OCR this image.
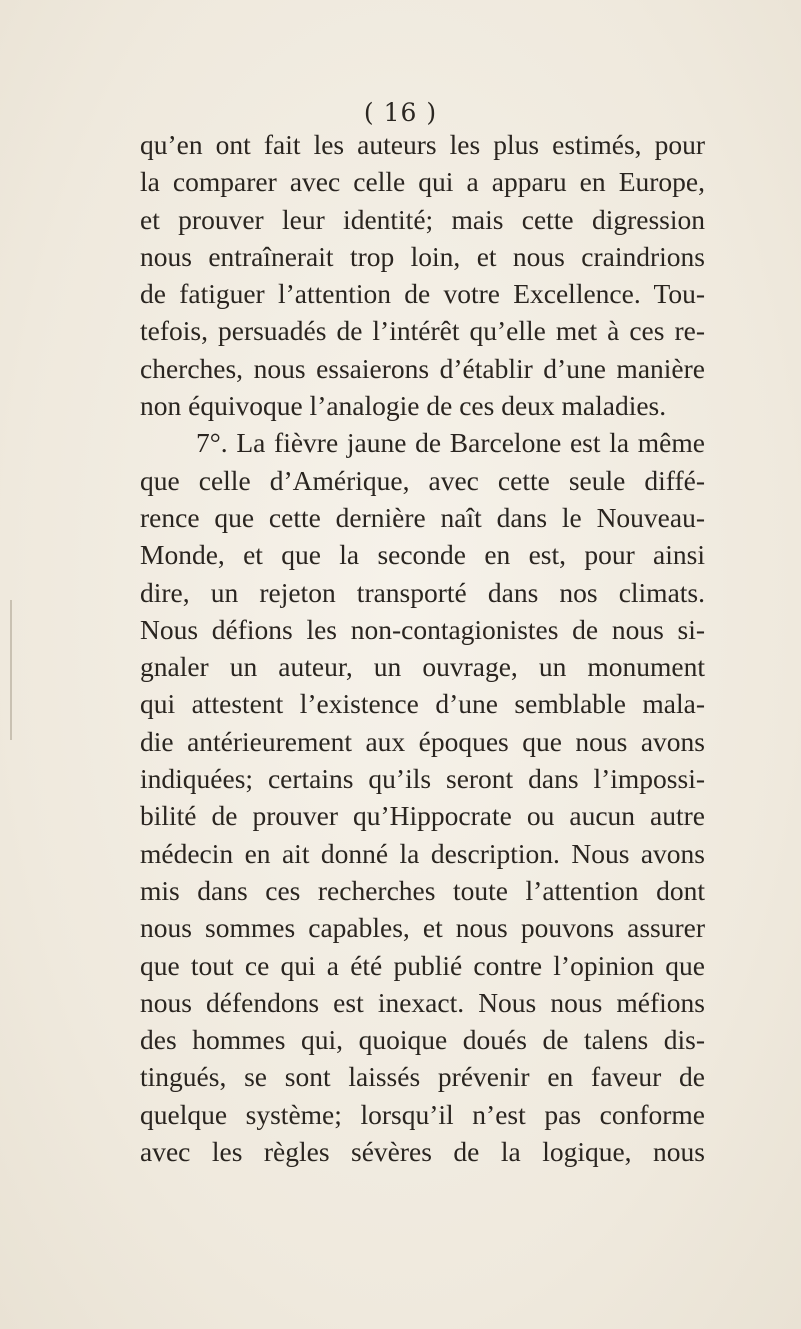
( 16 )
qu’en ont fait les auteurs les plus estimés, pour
la comparer avec celle qui a apparu en Europe,
et prouver leur identité; mais cette digression
nous entraînerait trop loin, et nous craindrions
de fatiguer l’attention de votre Excellence. Tou-
tefois, persuadés de l’intérêt qu’elle met à ces re-
cherches, nous essaierons d’établir d’une manière
non équivoque l’analogie de ces deux maladies.
7°. La fièvre jaune de Barcelone est la même
que celle d’Amérique, avec cette seule diffé-
rence que cette dernière naît dans le Nouveau-
Monde, et que la seconde en est, pour ainsi
dire, un rejeton transporté dans nos climats.
Nous défions les non-contagionistes de nous si-
gnaler un auteur, un ouvrage, un monument
qui attestent l’existence d’une semblable mala-
die antérieurement aux époques que nous avons
indiquées; certains qu’ils seront dans l’impossi-
bilité de prouver qu’Hippocrate ou aucun autre
médecin en ait donné la description. Nous avons
mis dans ces recherches toute l’attention dont
nous sommes capables, et nous pouvons assurer
que tout ce qui a été publié contre l’opinion que
nous défendons est inexact. Nous nous méfions
des hommes qui, quoique doués de talens dis-
tingués, se sont laissés prévenir en faveur de
quelque système; lorsqu’il n’est pas conforme
avec les règles sévères de la logique, nous
